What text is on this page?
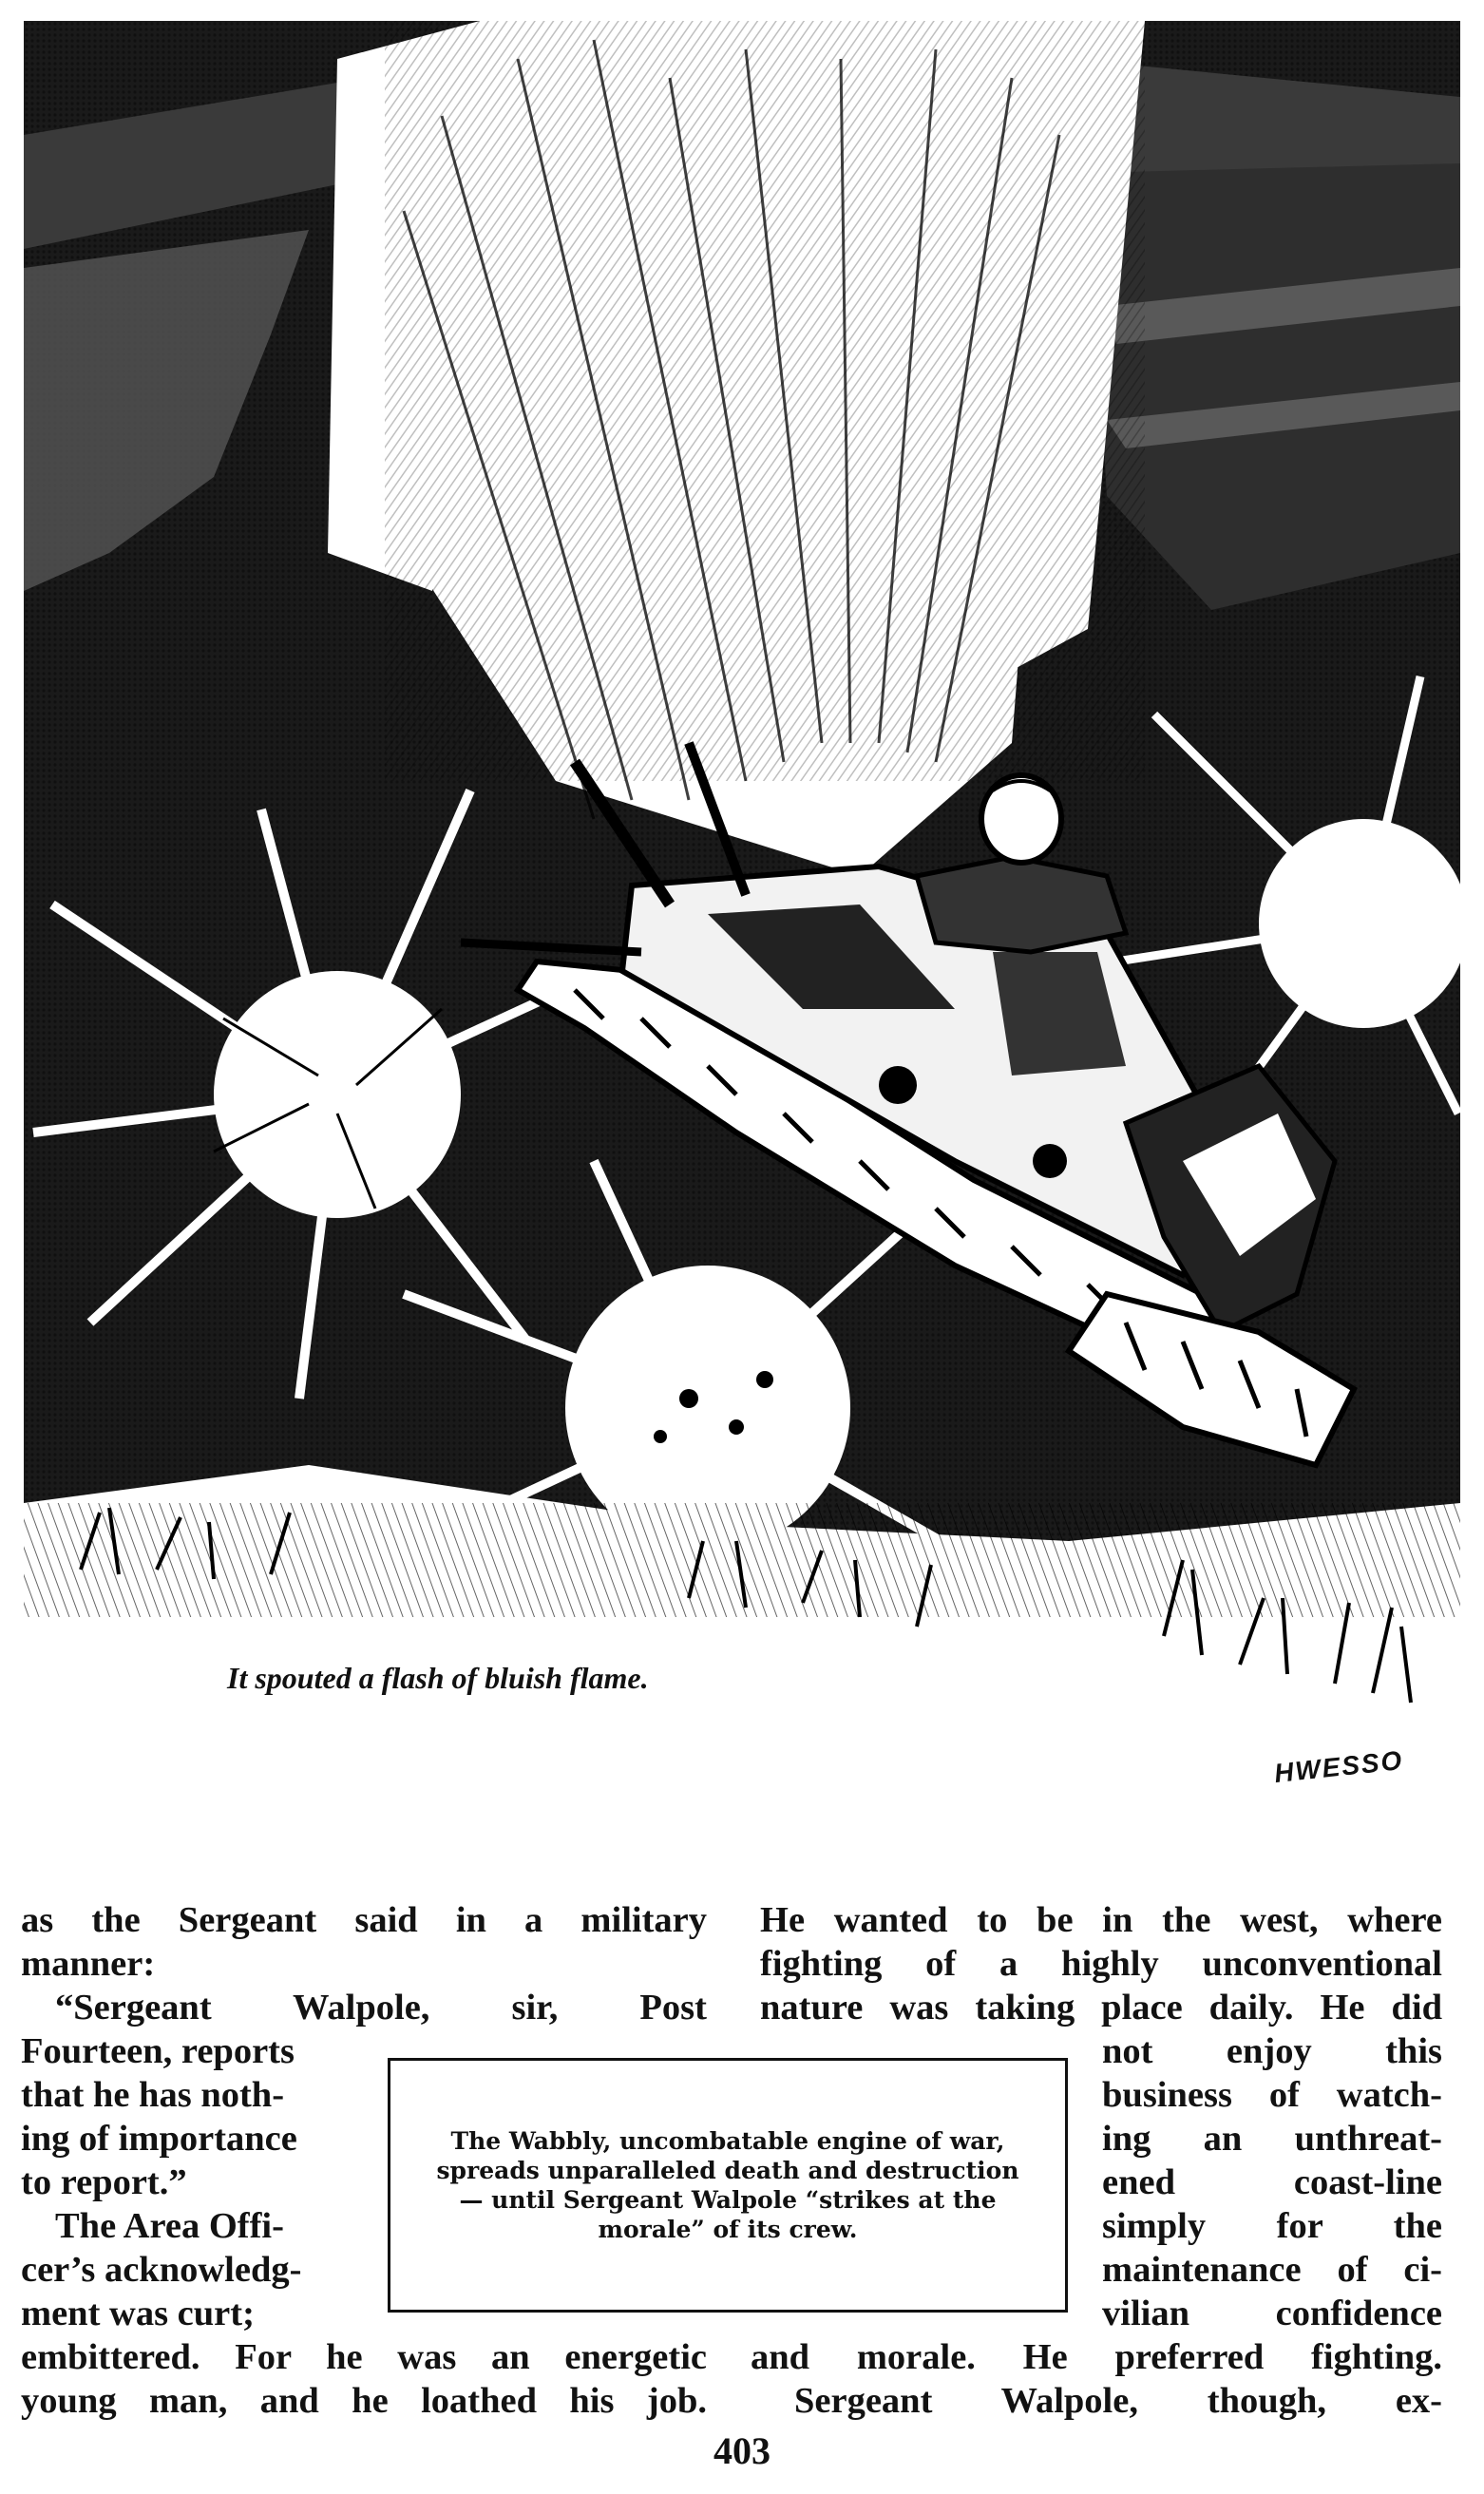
It spouted a flash of bluish flame.
HWESSO
as the Sergeant said in a military
manner:
“Sergeant Walpole, sir, Post
Fourteen, reports
that he has noth-
ing of importance
to report.”
The Area Offi-
cer’s acknowledg-
ment was curt;
embittered. For he was an energetic
young man, and he loathed his job.
He wanted to be in the west, where
fighting of a highly unconventional
nature was taking place daily. He did
not enjoy this
business of watch-
ing an unthreat-
ened coast-line
simply for the
maintenance of ci-
vilian confidence
and morale. He preferred fighting.
Sergeant Walpole, though, ex-
The Wabbly, uncombatable engine of war, spreads unparalleled death and destruction — until Sergeant Walpole “strikes at the morale” of its crew.
403
